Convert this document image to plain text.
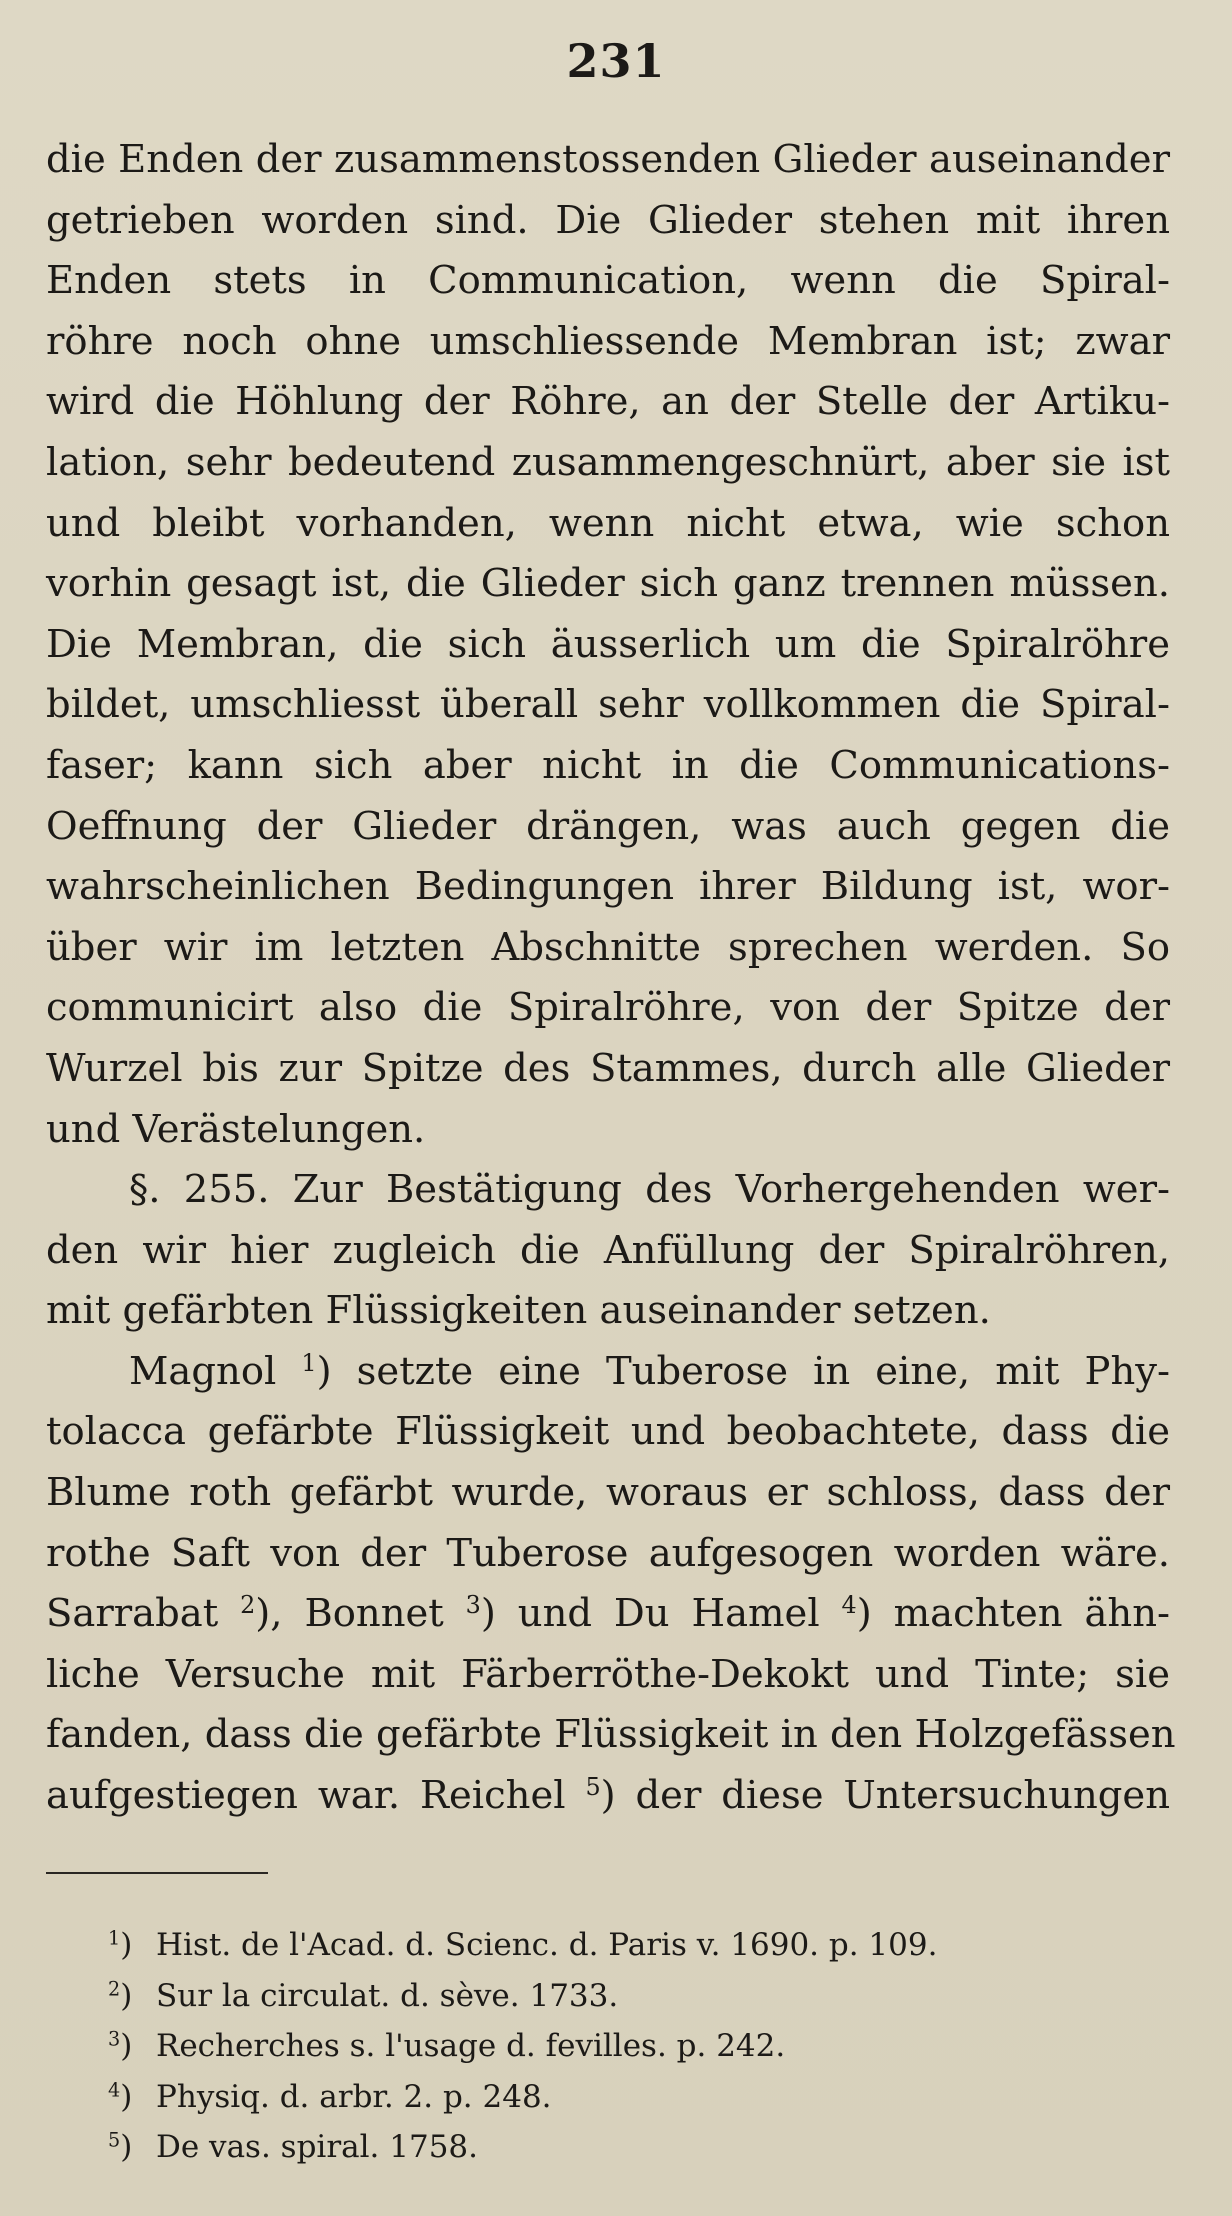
231
die Enden der zusammenstossenden Glieder auseinander
getrieben worden sind. Die Glieder stehen mit ihren
Enden stets in Communication, wenn die Spiral-
röhre noch ohne umschliessende Membran ist; zwar
wird die Höhlung der Röhre, an der Stelle der Artiku-
lation, sehr bedeutend zusammengeschnürt, aber sie ist
und bleibt vorhanden, wenn nicht etwa, wie schon
vorhin gesagt ist, die Glieder sich ganz trennen müssen.
Die Membran, die sich äusserlich um die Spiralröhre
bildet, umschliesst überall sehr vollkommen die Spiral-
faser; kann sich aber nicht in die Communications-
Oeffnung der Glieder drängen, was auch gegen die
wahrscheinlichen Bedingungen ihrer Bildung ist, wor-
über wir im letzten Abschnitte sprechen werden. So
communicirt also die Spiralröhre, von der Spitze der
Wurzel bis zur Spitze des Stammes, durch alle Glieder
und Verästelungen.
§. 255. Zur Bestätigung des Vorhergehenden wer-
den wir hier zugleich die Anfüllung der Spiralröhren,
mit gefärbten Flüssigkeiten auseinander setzen.
Magnol $^1$) setzte eine Tuberose in eine, mit Phy-
tolacca gefärbte Flüssigkeit und beobachtete, dass die
Blume roth gefärbt wurde, woraus er schloss, dass der
rothe Saft von der Tuberose aufgesogen worden wäre.
Sarrabat $^2$), Bonnet $^3$) und Du Hamel $^4$) machten ähn-
liche Versuche mit Färberröthe-Dekokt und Tinte; sie
fanden, dass die gefärbte Flüssigkeit in den Holzgefässen
aufgestiegen war. Reichel $^5$) der diese Untersuchungen
$^1$) Hist. de l'Acad. d. Scienc. d. Paris v. 1690. p. 109.
$^2$) Sur la circulat. d. sève. 1733.
$^3$) Recherches s. l'usage d. fevilles. p. 242.
$^4$) Physiq. d. arbr. 2. p. 248.
$^5$) De vas. spiral. 1758.
